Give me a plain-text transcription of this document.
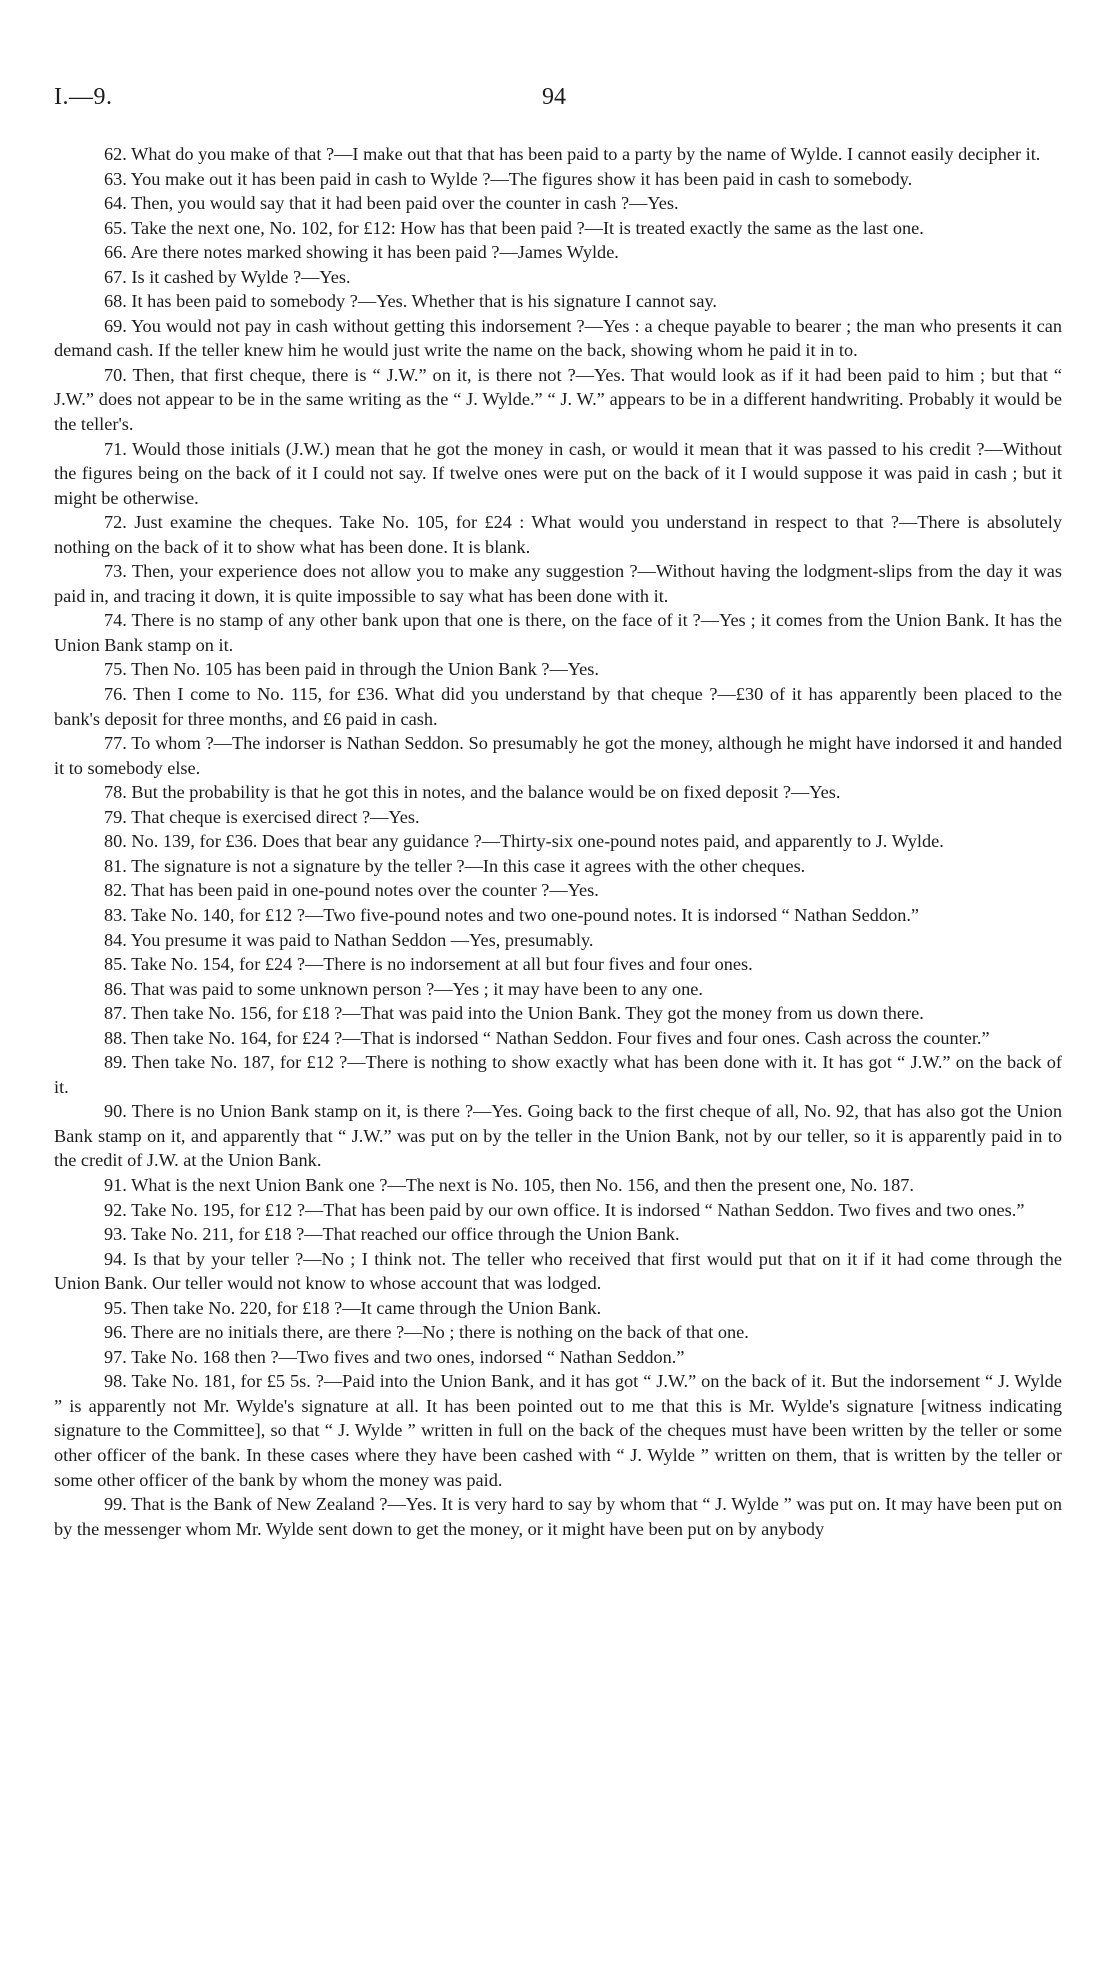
I.—9.	94

62. What do you make of that ?—I make out that that has been paid to a party by the name of Wylde. I cannot easily decipher it.

63. You make out it has been paid in cash to Wylde ?—The figures show it has been paid in cash to somebody.

64. Then, you would say that it had been paid over the counter in cash ?—Yes.

65. Take the next one, No. 102, for £12: How has that been paid ?—It is treated exactly the same as the last one.

66. Are there notes marked showing it has been paid ?—James Wylde.

67. Is it cashed by Wylde ?—Yes.

68. It has been paid to somebody ?—Yes. Whether that is his signature I cannot say.

69. You would not pay in cash without getting this indorsement ?—Yes : a cheque payable to bearer ; the man who presents it can demand cash. If the teller knew him he would just write the name on the back, showing whom he paid it in to.

70. Then, that first cheque, there is “ J.W.” on it, is there not ?—Yes. That would look as if it had been paid to him ; but that “ J.W.” does not appear to be in the same writing as the “ J. Wylde.” “ J. W.” appears to be in a different handwriting. Probably it would be the teller's.

71. Would those initials (J.W.) mean that he got the money in cash, or would it mean that it was passed to his credit ?—Without the figures being on the back of it I could not say. If twelve ones were put on the back of it I would suppose it was paid in cash ; but it might be otherwise.

72. Just examine the cheques. Take No. 105, for £24 : What would you understand in respect to that ?—There is absolutely nothing on the back of it to show what has been done. It is blank.

73. Then, your experience does not allow you to make any suggestion ?—Without having the lodgment-slips from the day it was paid in, and tracing it down, it is quite impossible to say what has been done with it.

74. There is no stamp of any other bank upon that one is there, on the face of it ?—Yes ; it comes from the Union Bank. It has the Union Bank stamp on it.

75. Then No. 105 has been paid in through the Union Bank ?—Yes.

76. Then I come to No. 115, for £36. What did you understand by that cheque ?—£30 of it has apparently been placed to the bank's deposit for three months, and £6 paid in cash.

77. To whom ?—The indorser is Nathan Seddon. So presumably he got the money, although he might have indorsed it and handed it to somebody else.

78. But the probability is that he got this in notes, and the balance would be on fixed deposit ?—Yes.

79. That cheque is exercised direct ?—Yes.

80. No. 139, for £36. Does that bear any guidance ?—Thirty-six one-pound notes paid, and apparently to J. Wylde.

81. The signature is not a signature by the teller ?—In this case it agrees with the other cheques.

82. That has been paid in one-pound notes over the counter ?—Yes.

83. Take No. 140, for £12 ?—Two five-pound notes and two one-pound notes. It is indorsed “ Nathan Seddon.”

84. You presume it was paid to Nathan Seddon —Yes, presumably.

85. Take No. 154, for £24 ?—There is no indorsement at all but four fives and four ones.

86. That was paid to some unknown person ?—Yes ; it may have been to any one.

87. Then take No. 156, for £18 ?—That was paid into the Union Bank. They got the money from us down there.

88. Then take No. 164, for £24 ?—That is indorsed “ Nathan Seddon. Four fives and four ones. Cash across the counter.”

89. Then take No. 187, for £12 ?—There is nothing to show exactly what has been done with it. It has got “ J.W.” on the back of it.

90. There is no Union Bank stamp on it, is there ?—Yes. Going back to the first cheque of all, No. 92, that has also got the Union Bank stamp on it, and apparently that “ J.W.” was put on by the teller in the Union Bank, not by our teller, so it is apparently paid in to the credit of J.W. at the Union Bank.

91. What is the next Union Bank one ?—The next is No. 105, then No. 156, and then the present one, No. 187.

92. Take No. 195, for £12 ?—That has been paid by our own office. It is indorsed “ Nathan Seddon. Two fives and two ones.”

93. Take No. 211, for £18 ?—That reached our office through the Union Bank.

94. Is that by your teller ?—No ; I think not. The teller who received that first would put that on it if it had come through the Union Bank. Our teller would not know to whose account that was lodged.

95. Then take No. 220, for £18 ?—It came through the Union Bank.

96. There are no initials there, are there ?—No ; there is nothing on the back of that one.

97. Take No. 168 then ?—Two fives and two ones, indorsed “ Nathan Seddon.”

98. Take No. 181, for £5 5s. ?—Paid into the Union Bank, and it has got “ J.W.” on the back of it. But the indorsement “ J. Wylde ” is apparently not Mr. Wylde's signature at all. It has been pointed out to me that this is Mr. Wylde's signature [witness indicating signature to the Committee], so that “ J. Wylde ” written in full on the back of the cheques must have been written by the teller or some other officer of the bank. In these cases where they have been cashed with “ J. Wylde ” written on them, that is written by the teller or some other officer of the bank by whom the money was paid.

99. That is the Bank of New Zealand ?—Yes. It is very hard to say by whom that “ J. Wylde ” was put on. It may have been put on by the messenger whom Mr. Wylde sent down to get the money, or it might have been put on by anybody
